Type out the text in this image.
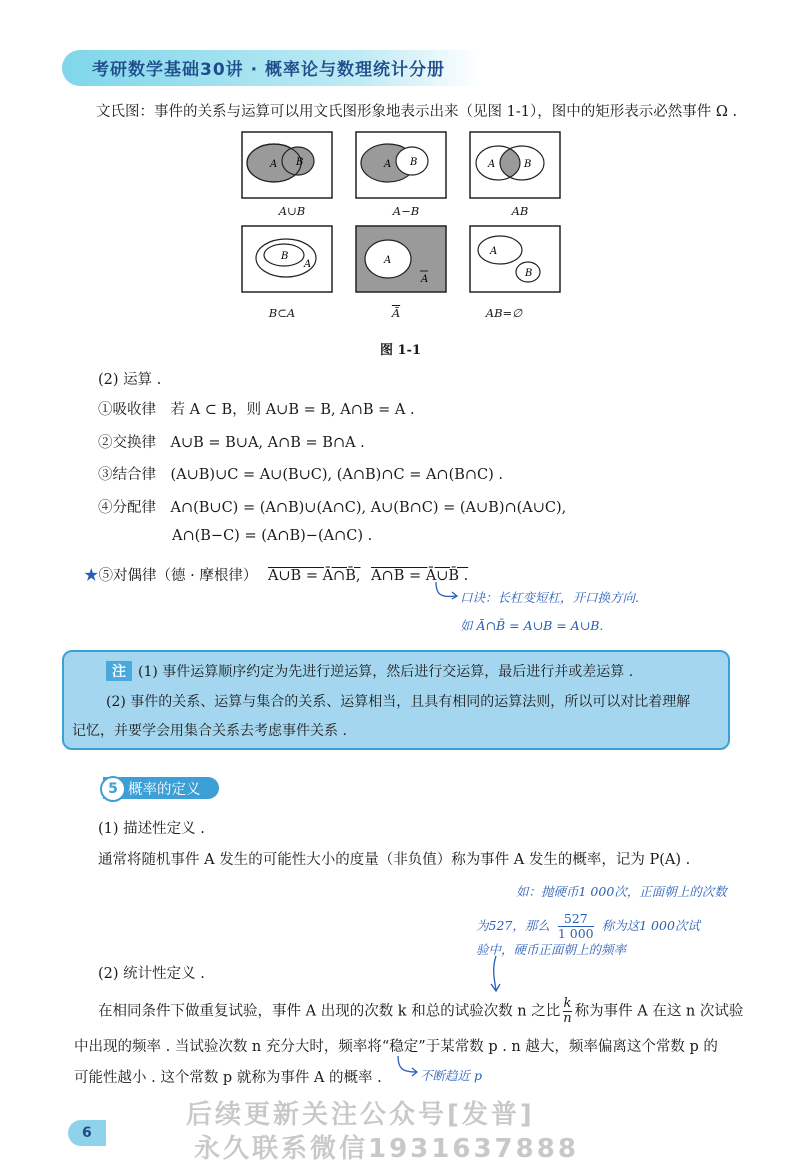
考研数学基础30讲 · 概率论与数理统计分册
文氏图：事件的关系与运算可以用文氏图形象地表示出来（见图 1-1），图中的矩形表示必然事件 Ω .
A B	A B	A	B
B
A	A
A
A
B
A∪B	A−B	AB
B⊂A	$\overline{Ā}$	AB=∅
图 1-1
(2) 运算 .
①吸收律　若 A ⊂ B，则 A∪B = B, A∩B = A .
②交换律　A∪B = B∪A, A∩B = B∩A .
③结合律　(A∪B)∪C = A∪(B∪C), (A∩B)∩C = A∩(B∩C) .
④分配律　A∩(B∪C) = (A∩B)∪(A∩C), A∪(B∩C) = (A∪B)∩(A∪C),
A∩(B−C) = (A∩B)−(A∩C) .
★⑤对偶律（德 · 摩根律） A∪B = Ā∩B̄, A∩B = Ā∪B̄ .
口诀：长杠变短杠，开口换方向.
如 Ā∩B̄ = A∪B = A∪B.
注 (1) 事件运算顺序约定为先进行逆运算，然后进行交运算，最后进行并或差运算 .
(2) 事件的关系、运算与集合的关系、运算相当，且具有相同的运算法则，所以可以对比着理解
记忆，并要学会用集合关系去考虑事件关系 .
5 概率的定义
(1) 描述性定义 .
通常将随机事件 A 发生的可能性大小的度量（非负值）称为事件 A 发生的概率，记为 P(A) .
如：抛硬币1 000次，正面朝上的次数
为527，那么 $\frac{527}{1 000}$ 称为这1 000次试
验中，硬币正面朝上的频率
(2) 统计性定义 .
在相同条件下做重复试验，事件 A 出现的次数 k 和总的试验次数 n 之比 $\frac{k}{n}$ 称为事件 A 在这 n 次试验
中出现的频率 . 当试验次数 n 充分大时，频率将“稳定”于某常数 p . n 越大，频率偏离这个常数 p 的
可能性越小 . 这个常数 p 就称为事件 A 的概率 .	不断趋近 p
6
后续更新关注公众号[发普]
永久联系微信1931637888
